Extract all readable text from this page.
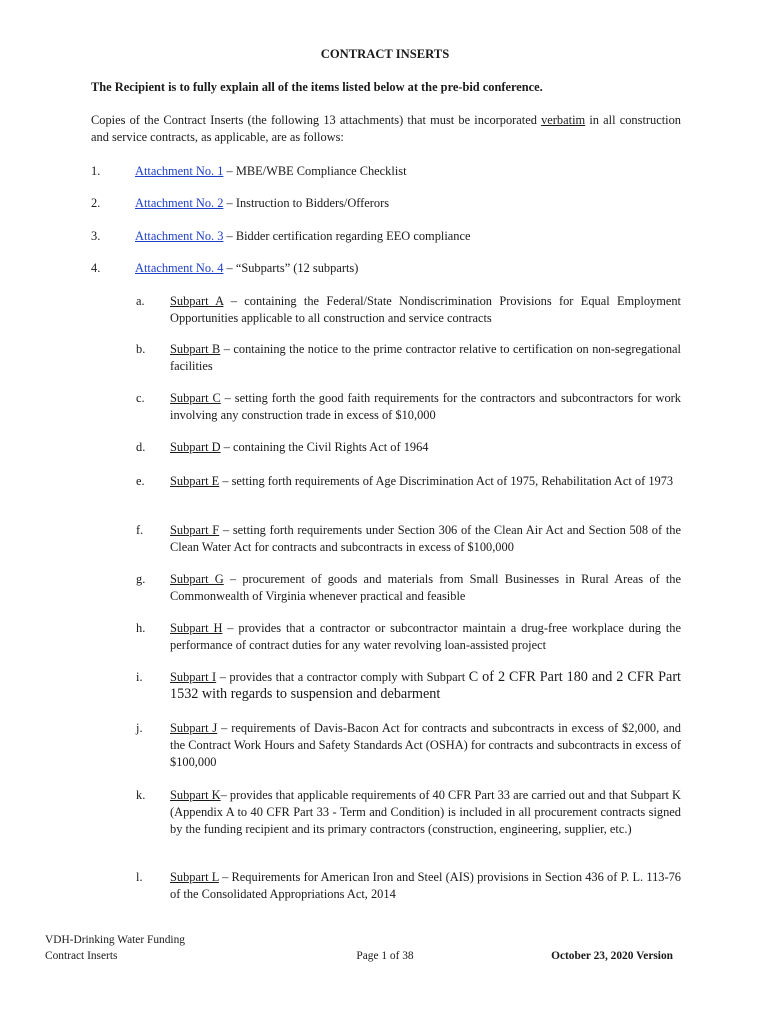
CONTRACT INSERTS
The Recipient is to fully explain all of the items listed below at the pre-bid conference.
Copies of the Contract Inserts (the following 13 attachments) that must be incorporated verbatim in all construction and service contracts, as applicable, are as follows:
1.	Attachment No. 1 – MBE/WBE Compliance Checklist
2.	Attachment No. 2 – Instruction to Bidders/Offerors
3.	Attachment No. 3 – Bidder certification regarding EEO compliance
4.	Attachment No. 4 – “Subparts” (12 subparts)
a. Subpart A – containing the Federal/State Nondiscrimination Provisions for Equal Employment Opportunities applicable to all construction and service contracts
b. Subpart B – containing the notice to the prime contractor relative to certification on non-segregational facilities
c. Subpart C – setting forth the good faith requirements for the contractors and subcontractors for work involving any construction trade in excess of $10,000
d. Subpart D – containing the Civil Rights Act of 1964
e. Subpart E – setting forth requirements of Age Discrimination Act of 1975, Rehabilitation Act of 1973
f. Subpart F – setting forth requirements under Section 306 of the Clean Air Act and Section 508 of the Clean Water Act for contracts and subcontracts in excess of $100,000
g. Subpart G – procurement of goods and materials from Small Businesses in Rural Areas of the Commonwealth of Virginia whenever practical and feasible
h. Subpart H – provides that a contractor or subcontractor maintain a drug-free workplace during the performance of contract duties for any water revolving loan-assisted project
i. Subpart I – provides that a contractor comply with Subpart C of 2 CFR Part 180 and 2 CFR Part 1532 with regards to suspension and debarment
j. Subpart J – requirements of Davis-Bacon Act for contracts and subcontracts in excess of $2,000, and the Contract Work Hours and Safety Standards Act (OSHA) for contracts and subcontracts in excess of $100,000
k. Subpart K– provides that applicable requirements of 40 CFR Part 33 are carried out and that Subpart K (Appendix A to 40 CFR Part 33 - Term and Condition) is included in all procurement contracts signed by the funding recipient and its primary contractors (construction, engineering, supplier, etc.)
l. Subpart L – Requirements for American Iron and Steel (AIS) provisions in Section 436 of P. L. 113-76 of the Consolidated Appropriations Act, 2014
VDH-Drinking Water Funding
Contract Inserts	Page 1 of 38	October 23, 2020 Version
